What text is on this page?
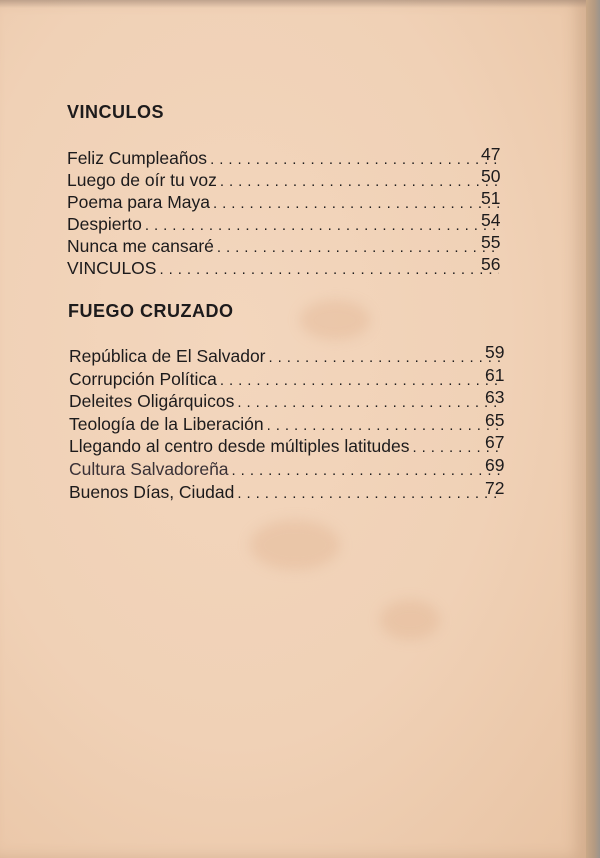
VINCULOS
Feliz Cumpleaños . . .	47
Luego de oír tu voz . . .	50
Poema para Maya . . .	51
Despierto . . .	54
Nunca me cansaré . . .	55
VINCULOS . . .	56
FUEGO CRUZADO
República de El Salvador . . .	59
Corrupción Política . . .	61
Deleites Oligárquicos . . .	63
Teología de la Liberación . . .	65
Llegando al centro desde múltiples latitudes . . .	67
Cultura Salvadoreña . . .	69
Buenos Días, Ciudad . . .	72
